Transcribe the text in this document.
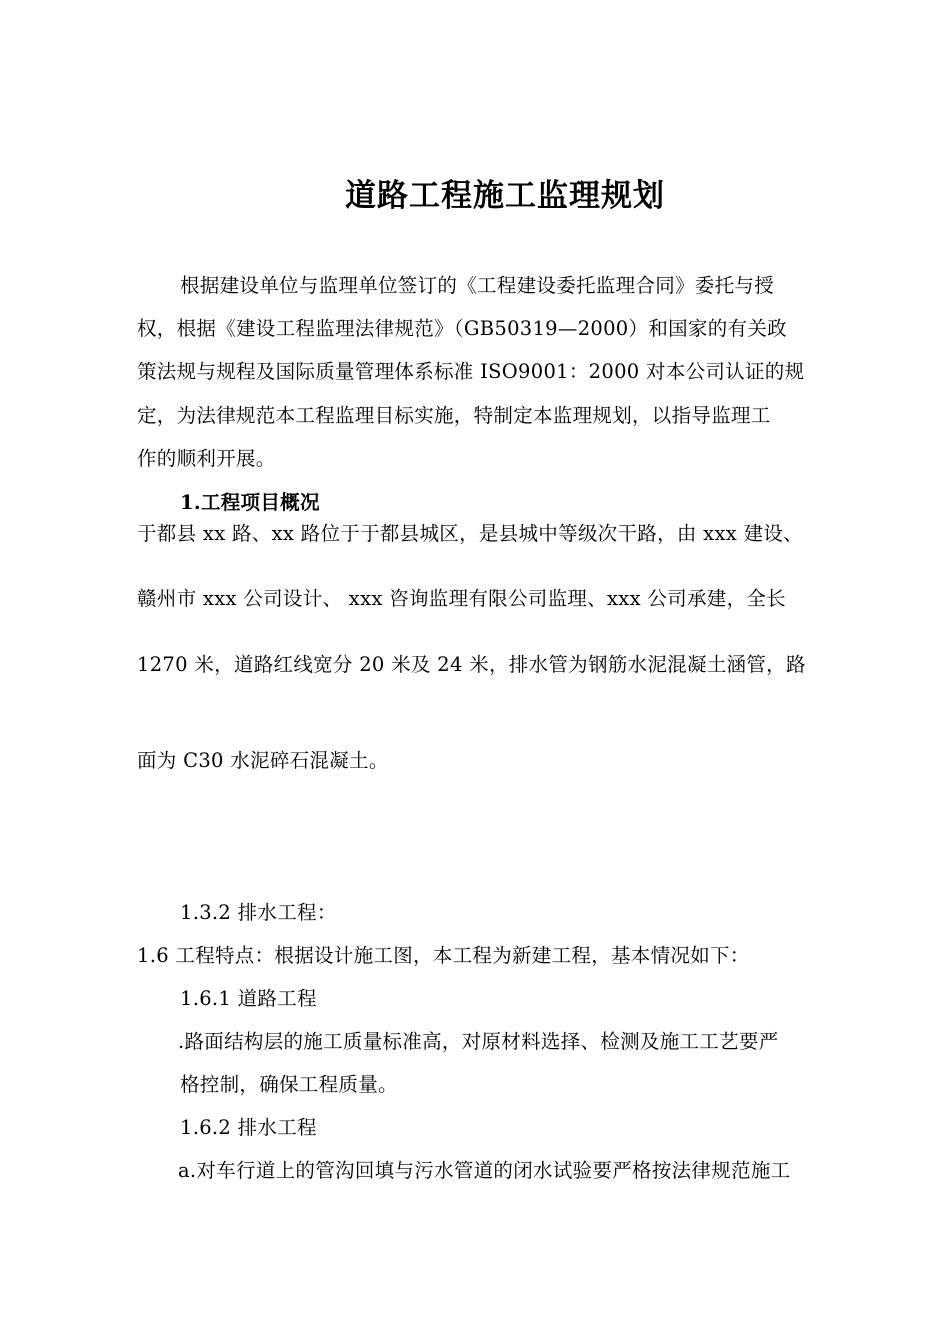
道路工程施工监理规划
根据建设单位与监理单位签订的《工程建设委托监理合同》委托与授
权，根据《建设工程监理法律规范》（GB50319—2000）和国家的有关政
策法规与规程及国际质量管理体系标准 ISO9001：2000 对本公司认证的规
定，为法律规范本工程监理目标实施，特制定本监理规划，以指导监理工
作的顺利开展。
1.工程项目概况
于都县 xx 路、xx 路位于于都县城区，是县城中等级次干路，由 xxx 建设、
赣州市 xxx 公司设计、 xxx 咨询监理有限公司监理、xxx 公司承建，全长
1270 米，道路红线宽分 20 米及 24 米，排水管为钢筋水泥混凝土涵管，路
面为 C30 水泥碎石混凝土。
1.3.2 排水工程：
1.6 工程特点：根据设计施工图，本工程为新建工程，基本情况如下：
1.6.1 道路工程
.路面结构层的施工质量标准高，对原材料选择、检测及施工工艺要严
格控制，确保工程质量。
1.6.2 排水工程
a.对车行道上的管沟回填与污水管道的闭水试验要严格按法律规范施工
